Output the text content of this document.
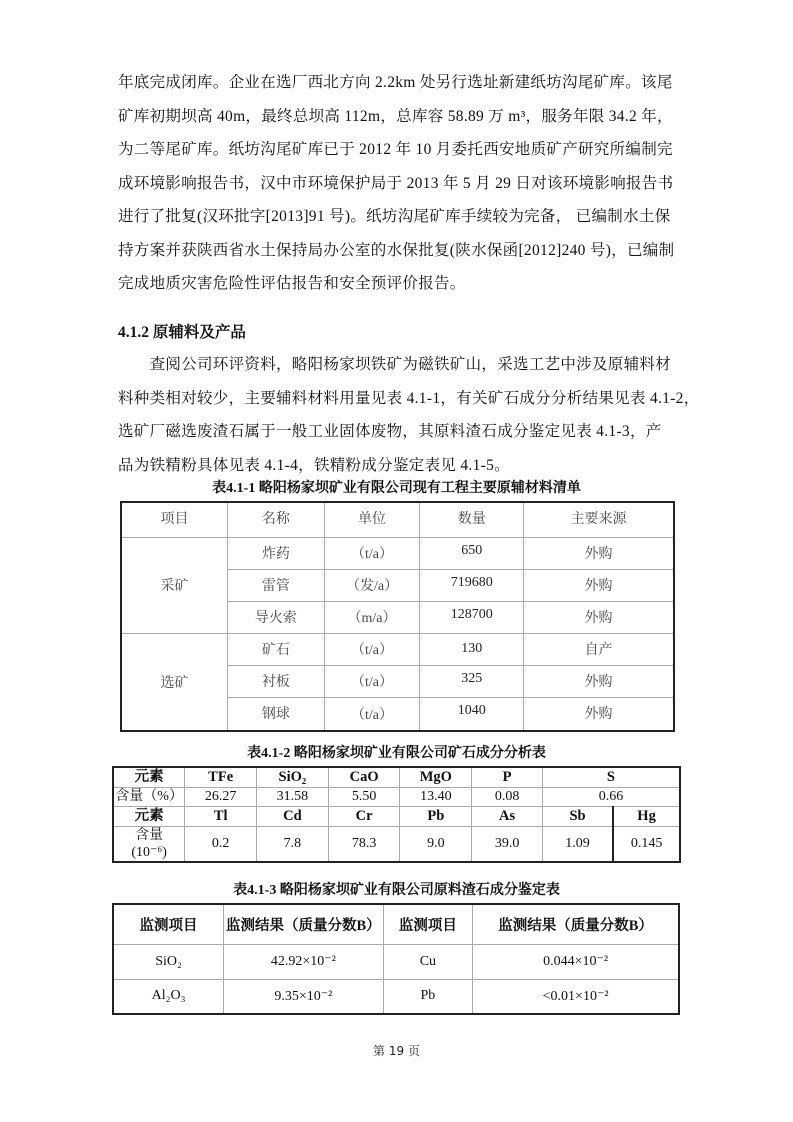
年底完成闭库。企业在选厂西北方向 2.2km 处另行选址新建纸坊沟尾矿库。该尾
矿库初期坝高 40m，最终总坝高 112m，总库容 58.89 万 m³，服务年限 34.2 年，
为二等尾矿库。纸坊沟尾矿库已于 2012 年 10 月委托西安地质矿产研究所编制完
成环境影响报告书，汉中市环境保护局于 2013 年 5 月 29 日对该环境影响报告书
进行了批复(汉环批字[2013]91 号)。纸坊沟尾矿库手续较为完备， 已编制水土保
持方案并获陕西省水土保持局办公室的水保批复(陕水保函[2012]240 号)，已编制
完成地质灾害危险性评估报告和安全预评价报告。
4.1.2 原辅料及产品
　　查阅公司环评资料，略阳杨家坝铁矿为磁铁矿山，采选工艺中涉及原辅料材
料种类相对较少，主要辅料材料用量见表 4.1-1，有关矿石成分分析结果见表 4.1-2，
选矿厂磁选废渣石属于一般工业固体废物，其原料渣石成分鉴定见表 4.1-3，产
品为铁精粉具体见表 4.1-4，铁精粉成分鉴定表见 4.1-5。
表4.1-1 略阳杨家坝矿业有限公司现有工程主要原辅材料清单
项目	名称	单位	数量	主要来源
采矿	炸药	（t/a）	650	外购
	雷管	（发/a）	719680	外购
	导火索	（m/a）	128700	外购
选矿	矿石	（t/a）	130	自产
	衬板	（t/a）	325	外购
	钢球	（t/a）	1040	外购
表4.1-2 略阳杨家坝矿业有限公司矿石成分分析表
元素	TFe	SiO₂	CaO	MgO	P	S	
含量（%）	26.27	31.58	5.50	13.40	0.08	0.66	
元素	Tl	Cd	Cr	Pb	As	Sb	Hg

含量
(10⁻⁶)	0.2	7.8	78.3	9.0	39.0	1.09	0.145
表4.1-3 略阳杨家坝矿业有限公司原料渣石成分鉴定表
监测项目	监测结果（质量分数B）	监测项目	监测结果（质量分数B）
SiO₂	42.92×10⁻²	Cu	0.044×10⁻²
Al₂O₃	9.35×10⁻²	Pb	<0.01×10⁻²
第 19 页
